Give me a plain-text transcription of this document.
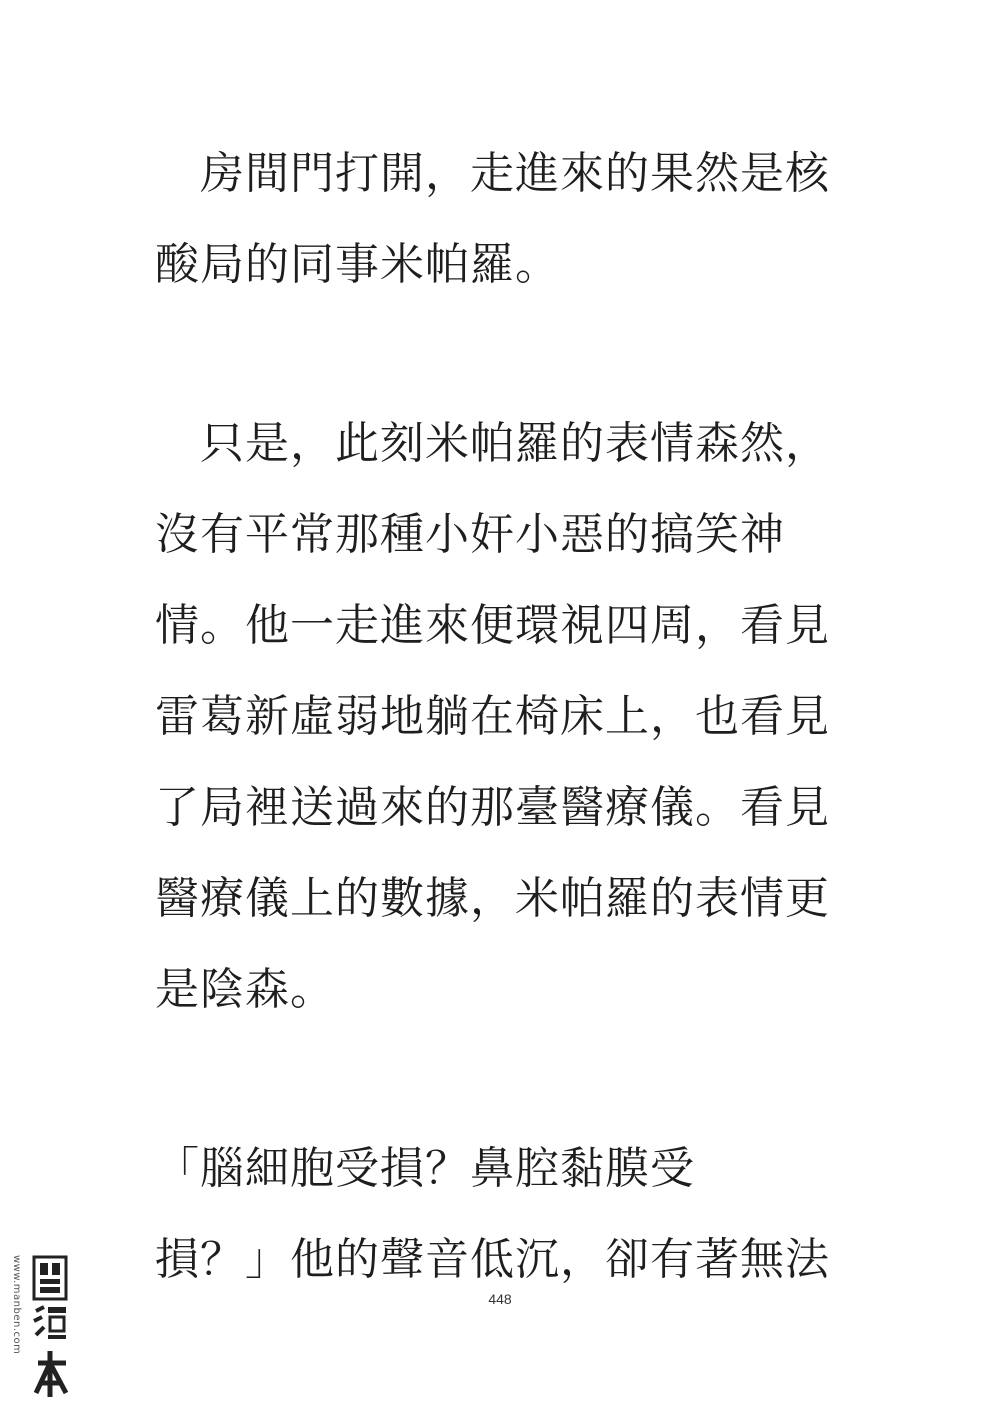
　房間門打開，走進來的果然是核
酸局的同事米帕羅。
　只是，此刻米帕羅的表情森然，
沒有平常那種小奸小惡的搞笑神
情。他一走進來便環視四周，看見
雷葛新虛弱地躺在椅床上，也看見
了局裡送過來的那臺醫療儀。看見
醫療儀上的數據，米帕羅的表情更
是陰森。
「腦細胞受損？鼻腔黏膜受
損？」他的聲音低沉，卻有著無法
448
www.manben.com
